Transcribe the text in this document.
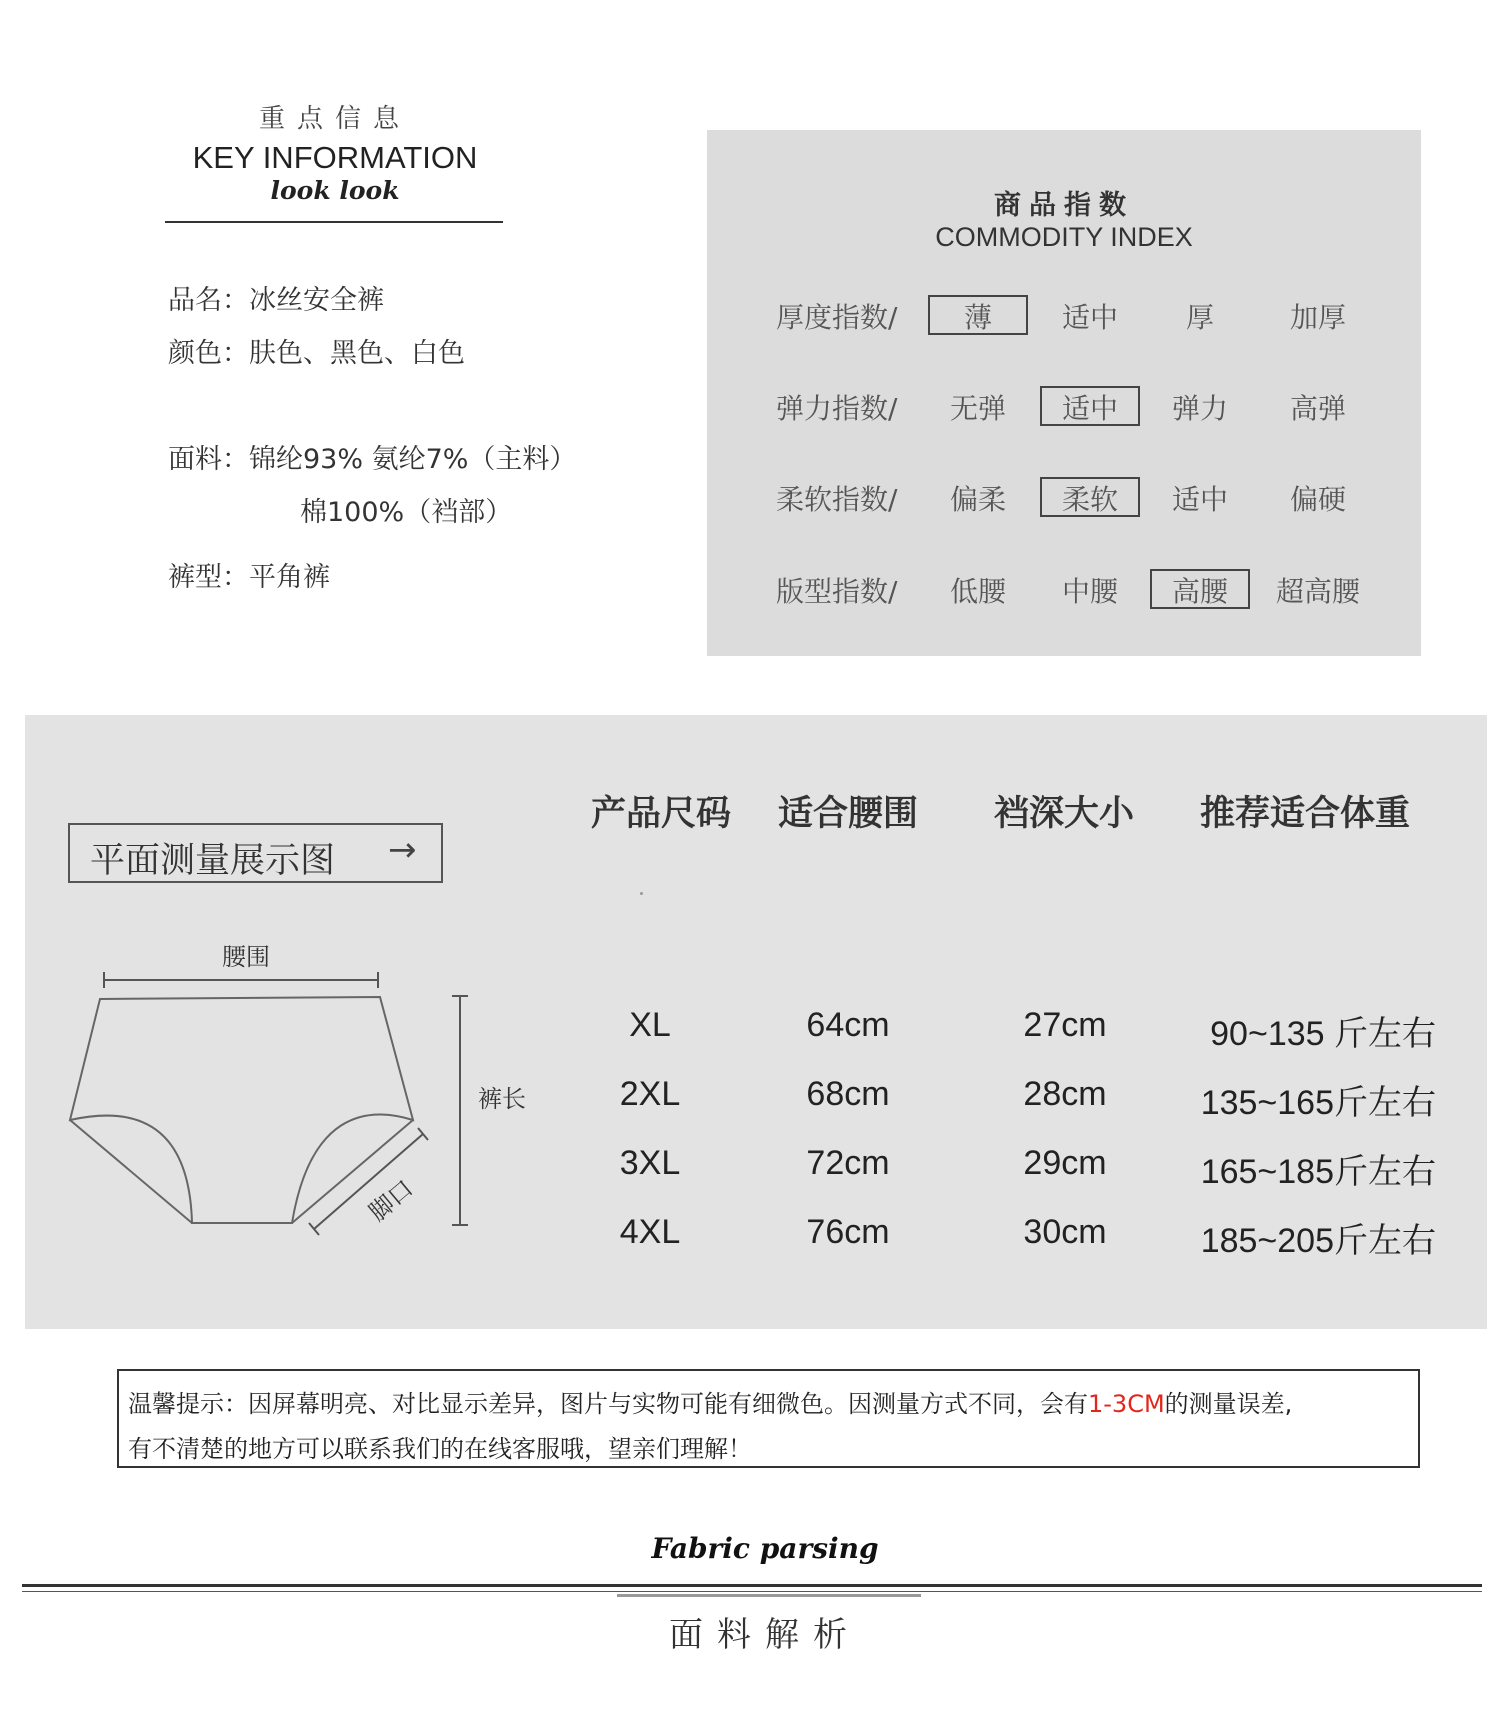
重点信息
KEY INFORMATION
look look
品名：冰丝安全裤
颜色：肤色、黑色、白色
面料：锦纶93% 氨纶7%（主料）
棉100%（裆部）
裤型：平角裤
商品指数
COMMODITY INDEX
厚度指数/	薄	适中	厚	加厚
弹力指数/	无弹	适中	弹力	高弹
柔软指数/	偏柔	柔软	适中	偏硬
版型指数/	低腰	中腰	高腰	超高腰
平面测量展示图 →
腰围
裤长
脚口
产品尺码 适合腰围 裆深大小 推荐适合体重
XL	64cm	27cm	90~135 斤左右
2XL	68cm	28cm	135~165斤左右
3XL	72cm	29cm	165~185斤左右
4XL	76cm	30cm	185~205斤左右
温馨提示：因屏幕明亮、对比显示差异，图片与实物可能有细微色。因测量方式不同，会有1-3CM的测量误差,
有不清楚的地方可以联系我们的在线客服哦，望亲们理解！
Fabric parsing
面料解析
